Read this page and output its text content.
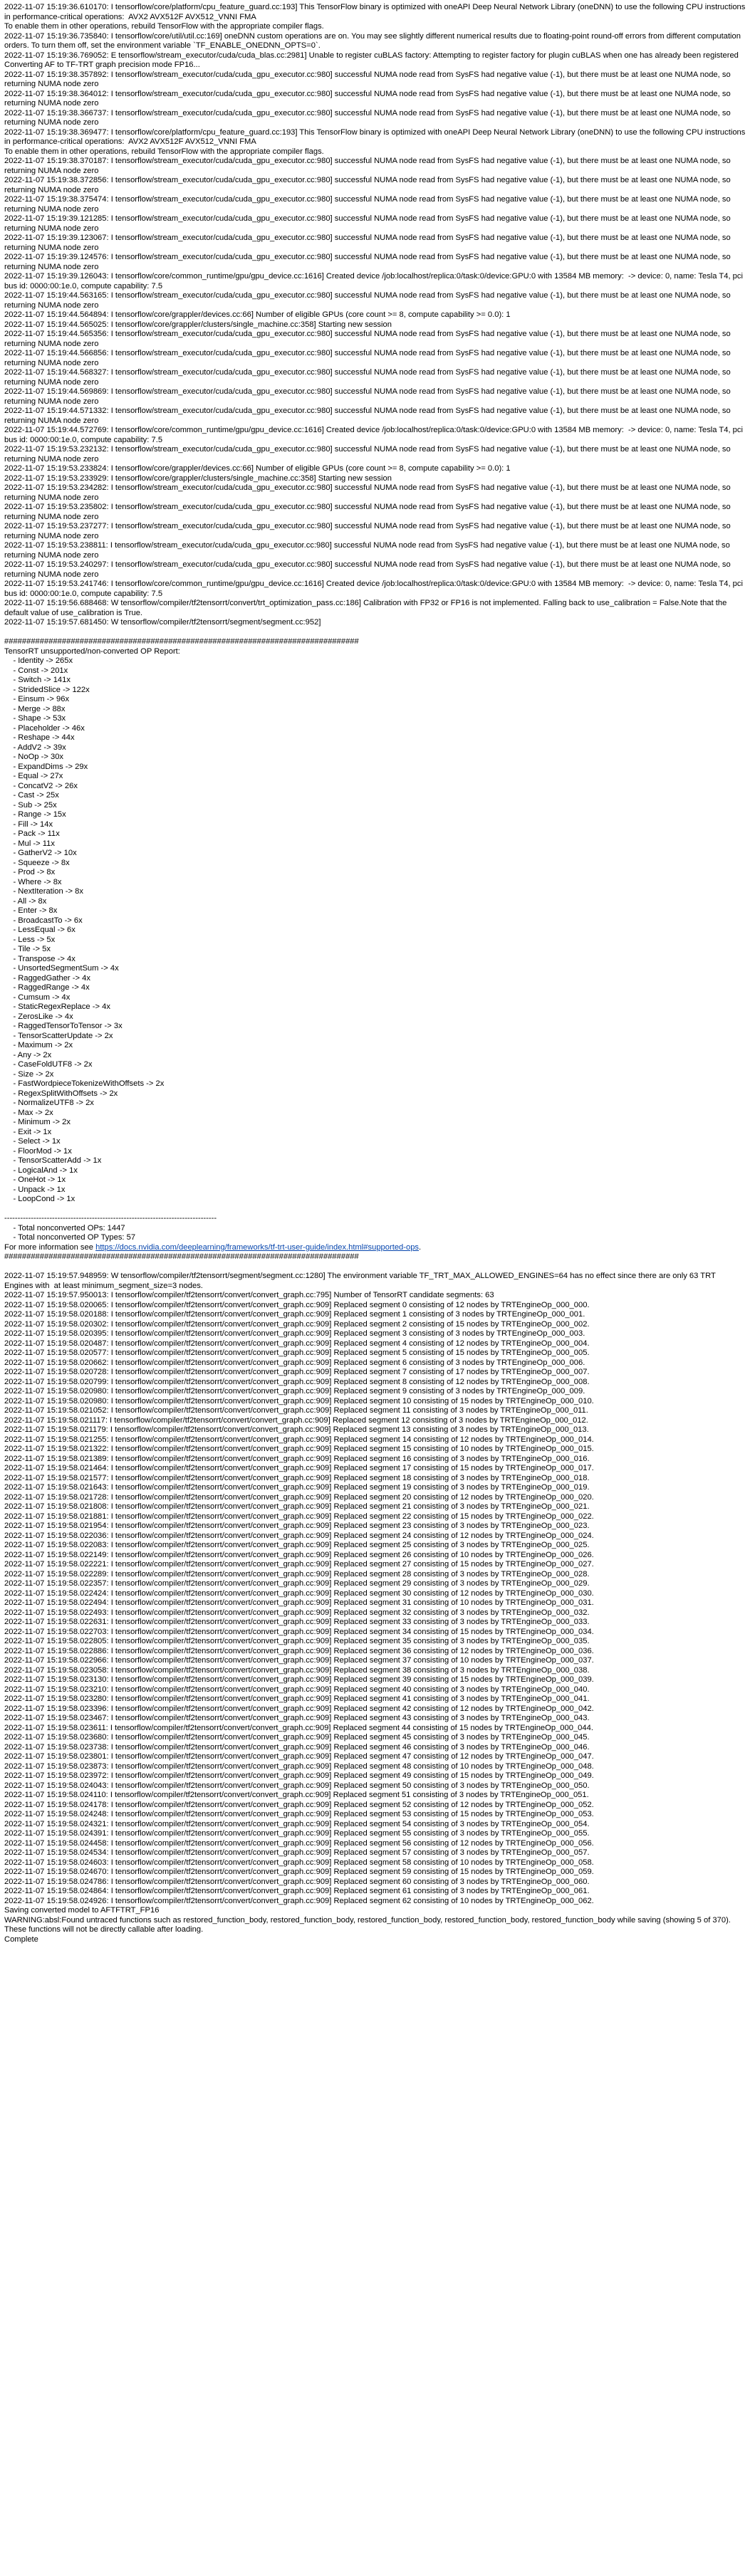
2022-11-07 15:19:36.610170: I tensorflow/core/platform/cpu_feature_guard.cc:193] This TensorFlow binary is optimized with oneAPI Deep Neural Network Library (oneDNN) to use the following CPU instructions in performance-critical operations:  AVX2 AVX512F AVX512_VNNI FMA
To enable them in other operations, rebuild TensorFlow with the appropriate compiler flags.
2022-11-07 15:19:36.735840: I tensorflow/core/util/util.cc:169] oneDNN custom operations are on. You may see slightly different numerical results due to floating-point round-off errors from different computation orders. To turn them off, set the environment variable `TF_ENABLE_ONEDNN_OPTS=0`.
2022-11-07 15:19:36.769052: E tensorflow/stream_executor/cuda/cuda_blas.cc:2981] Unable to register cuBLAS factory: Attempting to register factory for plugin cuBLAS when one has already been registered
Converting AF to TF-TRT graph precision mode FP16...
2022-11-07 15:19:38.357892: I tensorflow/stream_executor/cuda/cuda_gpu_executor.cc:980] successful NUMA node read from SysFS had negative value (-1), but there must be at least one NUMA node, so returning NUMA node zero
2022-11-07 15:19:38.364012: I tensorflow/stream_executor/cuda/cuda_gpu_executor.cc:980] successful NUMA node read from SysFS had negative value (-1), but there must be at least one NUMA node, so returning NUMA node zero
2022-11-07 15:19:38.366737: I tensorflow/stream_executor/cuda/cuda_gpu_executor.cc:980] successful NUMA node read from SysFS had negative value (-1), but there must be at least one NUMA node, so returning NUMA node zero
2022-11-07 15:19:38.369477: I tensorflow/core/platform/cpu_feature_guard.cc:193] This TensorFlow binary is optimized with oneAPI Deep Neural Network Library (oneDNN) to use the following CPU instructions in performance-critical operations:  AVX2 AVX512F AVX512_VNNI FMA
To enable them in other operations, rebuild TensorFlow with the appropriate compiler flags.
2022-11-07 15:19:38.370187: I tensorflow/stream_executor/cuda/cuda_gpu_executor.cc:980] successful NUMA node read from SysFS had negative value (-1), but there must be at least one NUMA node, so returning NUMA node zero
2022-11-07 15:19:38.372856: I tensorflow/stream_executor/cuda/cuda_gpu_executor.cc:980] successful NUMA node read from SysFS had negative value (-1), but there must be at least one NUMA node, so returning NUMA node zero
2022-11-07 15:19:38.375474: I tensorflow/stream_executor/cuda/cuda_gpu_executor.cc:980] successful NUMA node read from SysFS had negative value (-1), but there must be at least one NUMA node, so returning NUMA node zero
2022-11-07 15:19:39.121285: I tensorflow/stream_executor/cuda/cuda_gpu_executor.cc:980] successful NUMA node read from SysFS had negative value (-1), but there must be at least one NUMA node, so returning NUMA node zero
2022-11-07 15:19:39.123067: I tensorflow/stream_executor/cuda/cuda_gpu_executor.cc:980] successful NUMA node read from SysFS had negative value (-1), but there must be at least one NUMA node, so returning NUMA node zero
2022-11-07 15:19:39.124576: I tensorflow/stream_executor/cuda/cuda_gpu_executor.cc:980] successful NUMA node read from SysFS had negative value (-1), but there must be at least one NUMA node, so returning NUMA node zero
2022-11-07 15:19:39.126043: I tensorflow/core/common_runtime/gpu/gpu_device.cc:1616] Created device /job:localhost/replica:0/task:0/device:GPU:0 with 13584 MB memory:  -> device: 0, name: Tesla T4, pci bus id: 0000:00:1e.0, compute capability: 7.5
2022-11-07 15:19:44.563165: I tensorflow/stream_executor/cuda/cuda_gpu_executor.cc:980] successful NUMA node read from SysFS had negative value (-1), but there must be at least one NUMA node, so returning NUMA node zero
2022-11-07 15:19:44.564894: I tensorflow/core/grappler/devices.cc:66] Number of eligible GPUs (core count >= 8, compute capability >= 0.0): 1
2022-11-07 15:19:44.565025: I tensorflow/core/grappler/clusters/single_machine.cc:358] Starting new session
2022-11-07 15:19:44.565356: I tensorflow/stream_executor/cuda/cuda_gpu_executor.cc:980] successful NUMA node read from SysFS had negative value (-1), but there must be at least one NUMA node, so returning NUMA node zero
2022-11-07 15:19:44.566856: I tensorflow/stream_executor/cuda/cuda_gpu_executor.cc:980] successful NUMA node read from SysFS had negative value (-1), but there must be at least one NUMA node, so returning NUMA node zero
2022-11-07 15:19:44.568327: I tensorflow/stream_executor/cuda/cuda_gpu_executor.cc:980] successful NUMA node read from SysFS had negative value (-1), but there must be at least one NUMA node, so returning NUMA node zero
2022-11-07 15:19:44.569869: I tensorflow/stream_executor/cuda/cuda_gpu_executor.cc:980] successful NUMA node read from SysFS had negative value (-1), but there must be at least one NUMA node, so returning NUMA node zero
2022-11-07 15:19:44.571332: I tensorflow/stream_executor/cuda/cuda_gpu_executor.cc:980] successful NUMA node read from SysFS had negative value (-1), but there must be at least one NUMA node, so returning NUMA node zero
2022-11-07 15:19:44.572769: I tensorflow/core/common_runtime/gpu/gpu_device.cc:1616] Created device /job:localhost/replica:0/task:0/device:GPU:0 with 13584 MB memory:  -> device: 0, name: Tesla T4, pci bus id: 0000:00:1e.0, compute capability: 7.5
2022-11-07 15:19:53.232132: I tensorflow/stream_executor/cuda/cuda_gpu_executor.cc:980] successful NUMA node read from SysFS had negative value (-1), but there must be at least one NUMA node, so returning NUMA node zero
2022-11-07 15:19:53.233824: I tensorflow/core/grappler/devices.cc:66] Number of eligible GPUs (core count >= 8, compute capability >= 0.0): 1
2022-11-07 15:19:53.233929: I tensorflow/core/grappler/clusters/single_machine.cc:358] Starting new session
2022-11-07 15:19:53.234282: I tensorflow/stream_executor/cuda/cuda_gpu_executor.cc:980] successful NUMA node read from SysFS had negative value (-1), but there must be at least one NUMA node, so returning NUMA node zero
2022-11-07 15:19:53.235802: I tensorflow/stream_executor/cuda/cuda_gpu_executor.cc:980] successful NUMA node read from SysFS had negative value (-1), but there must be at least one NUMA node, so returning NUMA node zero
2022-11-07 15:19:53.237277: I tensorflow/stream_executor/cuda/cuda_gpu_executor.cc:980] successful NUMA node read from SysFS had negative value (-1), but there must be at least one NUMA node, so returning NUMA node zero
2022-11-07 15:19:53.238811: I tensorflow/stream_executor/cuda/cuda_gpu_executor.cc:980] successful NUMA node read from SysFS had negative value (-1), but there must be at least one NUMA node, so returning NUMA node zero
2022-11-07 15:19:53.240297: I tensorflow/stream_executor/cuda/cuda_gpu_executor.cc:980] successful NUMA node read from SysFS had negative value (-1), but there must be at least one NUMA node, so returning NUMA node zero
2022-11-07 15:19:53.241746: I tensorflow/core/common_runtime/gpu/gpu_device.cc:1616] Created device /job:localhost/replica:0/task:0/device:GPU:0 with 13584 MB memory:  -> device: 0, name: Tesla T4, pci bus id: 0000:00:1e.0, compute capability: 7.5
2022-11-07 15:19:56.688468: W tensorflow/compiler/tf2tensorrt/convert/trt_optimization_pass.cc:186] Calibration with FP32 or FP16 is not implemented. Falling back to use_calibration = False.Note that the default value of use_calibration is True.
2022-11-07 15:19:57.681450: W tensorflow/compiler/tf2tensorrt/segment/segment.cc:952]
################################################################################
TensorRT unsupported/non-converted OP Report:
- Identity -> 265x
- Const -> 201x
- Switch -> 141x
- StridedSlice -> 122x
- Einsum -> 96x
- Merge -> 88x
- Shape -> 53x
- Placeholder -> 46x
- Reshape -> 44x
- AddV2 -> 39x
- NoOp -> 30x
- ExpandDims -> 29x
- Equal -> 27x
- ConcatV2 -> 26x
- Cast -> 25x
- Sub -> 25x
- Range -> 15x
- Fill -> 14x
- Pack -> 11x
- Mul -> 11x
- GatherV2 -> 10x
- Squeeze -> 8x
- Prod -> 8x
- Where -> 8x
- NextIteration -> 8x
- All -> 8x
- Enter -> 8x
- BroadcastTo -> 6x
- LessEqual -> 6x
- Less -> 5x
- Tile -> 5x
- Transpose -> 4x
- UnsortedSegmentSum -> 4x
- RaggedGather -> 4x
- RaggedRange -> 4x
- Cumsum -> 4x
- StaticRegexReplace -> 4x
- ZerosLike -> 4x
- RaggedTensorToTensor -> 3x
- TensorScatterUpdate -> 2x
- Maximum -> 2x
- Any -> 2x
- CaseFoldUTF8 -> 2x
- Size -> 2x
- FastWordpieceTokenizeWithOffsets -> 2x
- RegexSplitWithOffsets -> 2x
- NormalizeUTF8 -> 2x
- Max -> 2x
- Minimum -> 2x
- Exit -> 1x
- Select -> 1x
- FloorMod -> 1x
- TensorScatterAdd -> 1x
- LogicalAnd -> 1x
- OneHot -> 1x
- Unpack -> 1x
- LoopCond -> 1x
--------------------------------------------------------------------------------
- Total nonconverted OPs: 1447
- Total nonconverted OP Types: 57
For more information see https://docs.nvidia.com/deeplearning/frameworks/tf-trt-user-guide/index.html#supported-ops.
################################################################################
2022-11-07 15:19:57.948959: W tensorflow/compiler/tf2tensorrt/segment/segment.cc:1280] The environment variable TF_TRT_MAX_ALLOWED_ENGINES=64 has no effect since there are only 63 TRT Engines with  at least minimum_segment_size=3 nodes.
2022-11-07 15:19:57.950013: I tensorflow/compiler/tf2tensorrt/convert/convert_graph.cc:795] Number of TensorRT candidate segments: 63
2022-11-07 15:19:58.020065: I tensorflow/compiler/tf2tensorrt/convert/convert_graph.cc:909] Replaced segment 0 consisting of 12 nodes by TRTEngineOp_000_000.
2022-11-07 15:19:58.020188: I tensorflow/compiler/tf2tensorrt/convert/convert_graph.cc:909] Replaced segment 1 consisting of 3 nodes by TRTEngineOp_000_001.
2022-11-07 15:19:58.020302: I tensorflow/compiler/tf2tensorrt/convert/convert_graph.cc:909] Replaced segment 2 consisting of 15 nodes by TRTEngineOp_000_002.
2022-11-07 15:19:58.020395: I tensorflow/compiler/tf2tensorrt/convert/convert_graph.cc:909] Replaced segment 3 consisting of 3 nodes by TRTEngineOp_000_003.
2022-11-07 15:19:58.020487: I tensorflow/compiler/tf2tensorrt/convert/convert_graph.cc:909] Replaced segment 4 consisting of 12 nodes by TRTEngineOp_000_004.
2022-11-07 15:19:58.020577: I tensorflow/compiler/tf2tensorrt/convert/convert_graph.cc:909] Replaced segment 5 consisting of 15 nodes by TRTEngineOp_000_005.
2022-11-07 15:19:58.020662: I tensorflow/compiler/tf2tensorrt/convert/convert_graph.cc:909] Replaced segment 6 consisting of 3 nodes by TRTEngineOp_000_006.
2022-11-07 15:19:58.020728: I tensorflow/compiler/tf2tensorrt/convert/convert_graph.cc:909] Replaced segment 7 consisting of 17 nodes by TRTEngineOp_000_007.
2022-11-07 15:19:58.020799: I tensorflow/compiler/tf2tensorrt/convert/convert_graph.cc:909] Replaced segment 8 consisting of 12 nodes by TRTEngineOp_000_008.
2022-11-07 15:19:58.020980: I tensorflow/compiler/tf2tensorrt/convert/convert_graph.cc:909] Replaced segment 9 consisting of 3 nodes by TRTEngineOp_000_009.
2022-11-07 15:19:58.020980: I tensorflow/compiler/tf2tensorrt/convert/convert_graph.cc:909] Replaced segment 10 consisting of 15 nodes by TRTEngineOp_000_010.
2022-11-07 15:19:58.021052: I tensorflow/compiler/tf2tensorrt/convert/convert_graph.cc:909] Replaced segment 11 consisting of 3 nodes by TRTEngineOp_000_011.
2022-11-07 15:19:58.021117: I tensorflow/compiler/tf2tensorrt/convert/convert_graph.cc:909] Replaced segment 12 consisting of 3 nodes by TRTEngineOp_000_012.
2022-11-07 15:19:58.021179: I tensorflow/compiler/tf2tensorrt/convert/convert_graph.cc:909] Replaced segment 13 consisting of 3 nodes by TRTEngineOp_000_013.
2022-11-07 15:19:58.021255: I tensorflow/compiler/tf2tensorrt/convert/convert_graph.cc:909] Replaced segment 14 consisting of 12 nodes by TRTEngineOp_000_014.
2022-11-07 15:19:58.021322: I tensorflow/compiler/tf2tensorrt/convert/convert_graph.cc:909] Replaced segment 15 consisting of 10 nodes by TRTEngineOp_000_015.
2022-11-07 15:19:58.021389: I tensorflow/compiler/tf2tensorrt/convert/convert_graph.cc:909] Replaced segment 16 consisting of 3 nodes by TRTEngineOp_000_016.
2022-11-07 15:19:58.021464: I tensorflow/compiler/tf2tensorrt/convert/convert_graph.cc:909] Replaced segment 17 consisting of 15 nodes by TRTEngineOp_000_017.
2022-11-07 15:19:58.021577: I tensorflow/compiler/tf2tensorrt/convert/convert_graph.cc:909] Replaced segment 18 consisting of 3 nodes by TRTEngineOp_000_018.
2022-11-07 15:19:58.021643: I tensorflow/compiler/tf2tensorrt/convert/convert_graph.cc:909] Replaced segment 19 consisting of 3 nodes by TRTEngineOp_000_019.
2022-11-07 15:19:58.021728: I tensorflow/compiler/tf2tensorrt/convert/convert_graph.cc:909] Replaced segment 20 consisting of 12 nodes by TRTEngineOp_000_020.
2022-11-07 15:19:58.021808: I tensorflow/compiler/tf2tensorrt/convert/convert_graph.cc:909] Replaced segment 21 consisting of 3 nodes by TRTEngineOp_000_021.
2022-11-07 15:19:58.021881: I tensorflow/compiler/tf2tensorrt/convert/convert_graph.cc:909] Replaced segment 22 consisting of 15 nodes by TRTEngineOp_000_022.
2022-11-07 15:19:58.021954: I tensorflow/compiler/tf2tensorrt/convert/convert_graph.cc:909] Replaced segment 23 consisting of 3 nodes by TRTEngineOp_000_023.
2022-11-07 15:19:58.022036: I tensorflow/compiler/tf2tensorrt/convert/convert_graph.cc:909] Replaced segment 24 consisting of 12 nodes by TRTEngineOp_000_024.
2022-11-07 15:19:58.022083: I tensorflow/compiler/tf2tensorrt/convert/convert_graph.cc:909] Replaced segment 25 consisting of 3 nodes by TRTEngineOp_000_025.
2022-11-07 15:19:58.022149: I tensorflow/compiler/tf2tensorrt/convert/convert_graph.cc:909] Replaced segment 26 consisting of 10 nodes by TRTEngineOp_000_026.
2022-11-07 15:19:58.022221: I tensorflow/compiler/tf2tensorrt/convert/convert_graph.cc:909] Replaced segment 27 consisting of 15 nodes by TRTEngineOp_000_027.
2022-11-07 15:19:58.022289: I tensorflow/compiler/tf2tensorrt/convert/convert_graph.cc:909] Replaced segment 28 consisting of 3 nodes by TRTEngineOp_000_028.
2022-11-07 15:19:58.022357: I tensorflow/compiler/tf2tensorrt/convert/convert_graph.cc:909] Replaced segment 29 consisting of 3 nodes by TRTEngineOp_000_029.
2022-11-07 15:19:58.022424: I tensorflow/compiler/tf2tensorrt/convert/convert_graph.cc:909] Replaced segment 30 consisting of 12 nodes by TRTEngineOp_000_030.
2022-11-07 15:19:58.022494: I tensorflow/compiler/tf2tensorrt/convert/convert_graph.cc:909] Replaced segment 31 consisting of 10 nodes by TRTEngineOp_000_031.
2022-11-07 15:19:58.022493: I tensorflow/compiler/tf2tensorrt/convert/convert_graph.cc:909] Replaced segment 32 consisting of 3 nodes by TRTEngineOp_000_032.
2022-11-07 15:19:58.022631: I tensorflow/compiler/tf2tensorrt/convert/convert_graph.cc:909] Replaced segment 33 consisting of 3 nodes by TRTEngineOp_000_033.
2022-11-07 15:19:58.022703: I tensorflow/compiler/tf2tensorrt/convert/convert_graph.cc:909] Replaced segment 34 consisting of 15 nodes by TRTEngineOp_000_034.
2022-11-07 15:19:58.022805: I tensorflow/compiler/tf2tensorrt/convert/convert_graph.cc:909] Replaced segment 35 consisting of 3 nodes by TRTEngineOp_000_035.
2022-11-07 15:19:58.022886: I tensorflow/compiler/tf2tensorrt/convert/convert_graph.cc:909] Replaced segment 36 consisting of 12 nodes by TRTEngineOp_000_036.
2022-11-07 15:19:58.022966: I tensorflow/compiler/tf2tensorrt/convert/convert_graph.cc:909] Replaced segment 37 consisting of 10 nodes by TRTEngineOp_000_037.
2022-11-07 15:19:58.023058: I tensorflow/compiler/tf2tensorrt/convert/convert_graph.cc:909] Replaced segment 38 consisting of 3 nodes by TRTEngineOp_000_038.
2022-11-07 15:19:58.023130: I tensorflow/compiler/tf2tensorrt/convert/convert_graph.cc:909] Replaced segment 39 consisting of 15 nodes by TRTEngineOp_000_039.
2022-11-07 15:19:58.023210: I tensorflow/compiler/tf2tensorrt/convert/convert_graph.cc:909] Replaced segment 40 consisting of 3 nodes by TRTEngineOp_000_040.
2022-11-07 15:19:58.023280: I tensorflow/compiler/tf2tensorrt/convert/convert_graph.cc:909] Replaced segment 41 consisting of 3 nodes by TRTEngineOp_000_041.
2022-11-07 15:19:58.023396: I tensorflow/compiler/tf2tensorrt/convert/convert_graph.cc:909] Replaced segment 42 consisting of 12 nodes by TRTEngineOp_000_042.
2022-11-07 15:19:58.023467: I tensorflow/compiler/tf2tensorrt/convert/convert_graph.cc:909] Replaced segment 43 consisting of 3 nodes by TRTEngineOp_000_043.
2022-11-07 15:19:58.023611: I tensorflow/compiler/tf2tensorrt/convert/convert_graph.cc:909] Replaced segment 44 consisting of 15 nodes by TRTEngineOp_000_044.
2022-11-07 15:19:58.023680: I tensorflow/compiler/tf2tensorrt/convert/convert_graph.cc:909] Replaced segment 45 consisting of 3 nodes by TRTEngineOp_000_045.
2022-11-07 15:19:58.023738: I tensorflow/compiler/tf2tensorrt/convert/convert_graph.cc:909] Replaced segment 46 consisting of 3 nodes by TRTEngineOp_000_046.
2022-11-07 15:19:58.023801: I tensorflow/compiler/tf2tensorrt/convert/convert_graph.cc:909] Replaced segment 47 consisting of 12 nodes by TRTEngineOp_000_047.
2022-11-07 15:19:58.023873: I tensorflow/compiler/tf2tensorrt/convert/convert_graph.cc:909] Replaced segment 48 consisting of 10 nodes by TRTEngineOp_000_048.
2022-11-07 15:19:58.023972: I tensorflow/compiler/tf2tensorrt/convert/convert_graph.cc:909] Replaced segment 49 consisting of 15 nodes by TRTEngineOp_000_049.
2022-11-07 15:19:58.024043: I tensorflow/compiler/tf2tensorrt/convert/convert_graph.cc:909] Replaced segment 50 consisting of 3 nodes by TRTEngineOp_000_050.
2022-11-07 15:19:58.024110: I tensorflow/compiler/tf2tensorrt/convert/convert_graph.cc:909] Replaced segment 51 consisting of 3 nodes by TRTEngineOp_000_051.
2022-11-07 15:19:58.024178: I tensorflow/compiler/tf2tensorrt/convert/convert_graph.cc:909] Replaced segment 52 consisting of 12 nodes by TRTEngineOp_000_052.
2022-11-07 15:19:58.024248: I tensorflow/compiler/tf2tensorrt/convert/convert_graph.cc:909] Replaced segment 53 consisting of 15 nodes by TRTEngineOp_000_053.
2022-11-07 15:19:58.024321: I tensorflow/compiler/tf2tensorrt/convert/convert_graph.cc:909] Replaced segment 54 consisting of 3 nodes by TRTEngineOp_000_054.
2022-11-07 15:19:58.024391: I tensorflow/compiler/tf2tensorrt/convert/convert_graph.cc:909] Replaced segment 55 consisting of 3 nodes by TRTEngineOp_000_055.
2022-11-07 15:19:58.024458: I tensorflow/compiler/tf2tensorrt/convert/convert_graph.cc:909] Replaced segment 56 consisting of 12 nodes by TRTEngineOp_000_056.
2022-11-07 15:19:58.024534: I tensorflow/compiler/tf2tensorrt/convert/convert_graph.cc:909] Replaced segment 57 consisting of 3 nodes by TRTEngineOp_000_057.
2022-11-07 15:19:58.024603: I tensorflow/compiler/tf2tensorrt/convert/convert_graph.cc:909] Replaced segment 58 consisting of 10 nodes by TRTEngineOp_000_058.
2022-11-07 15:19:58.024670: I tensorflow/compiler/tf2tensorrt/convert/convert_graph.cc:909] Replaced segment 59 consisting of 15 nodes by TRTEngineOp_000_059.
2022-11-07 15:19:58.024786: I tensorflow/compiler/tf2tensorrt/convert/convert_graph.cc:909] Replaced segment 60 consisting of 3 nodes by TRTEngineOp_000_060.
2022-11-07 15:19:58.024864: I tensorflow/compiler/tf2tensorrt/convert/convert_graph.cc:909] Replaced segment 61 consisting of 3 nodes by TRTEngineOp_000_061.
2022-11-07 15:19:58.024926: I tensorflow/compiler/tf2tensorrt/convert/convert_graph.cc:909] Replaced segment 62 consisting of 10 nodes by TRTEngineOp_000_062.
Saving converted model to AFTFTRT_FP16
WARNING:absl:Found untraced functions such as restored_function_body, restored_function_body, restored_function_body, restored_function_body, restored_function_body while saving (showing 5 of 370). These functions will not be directly callable after loading.
Complete
